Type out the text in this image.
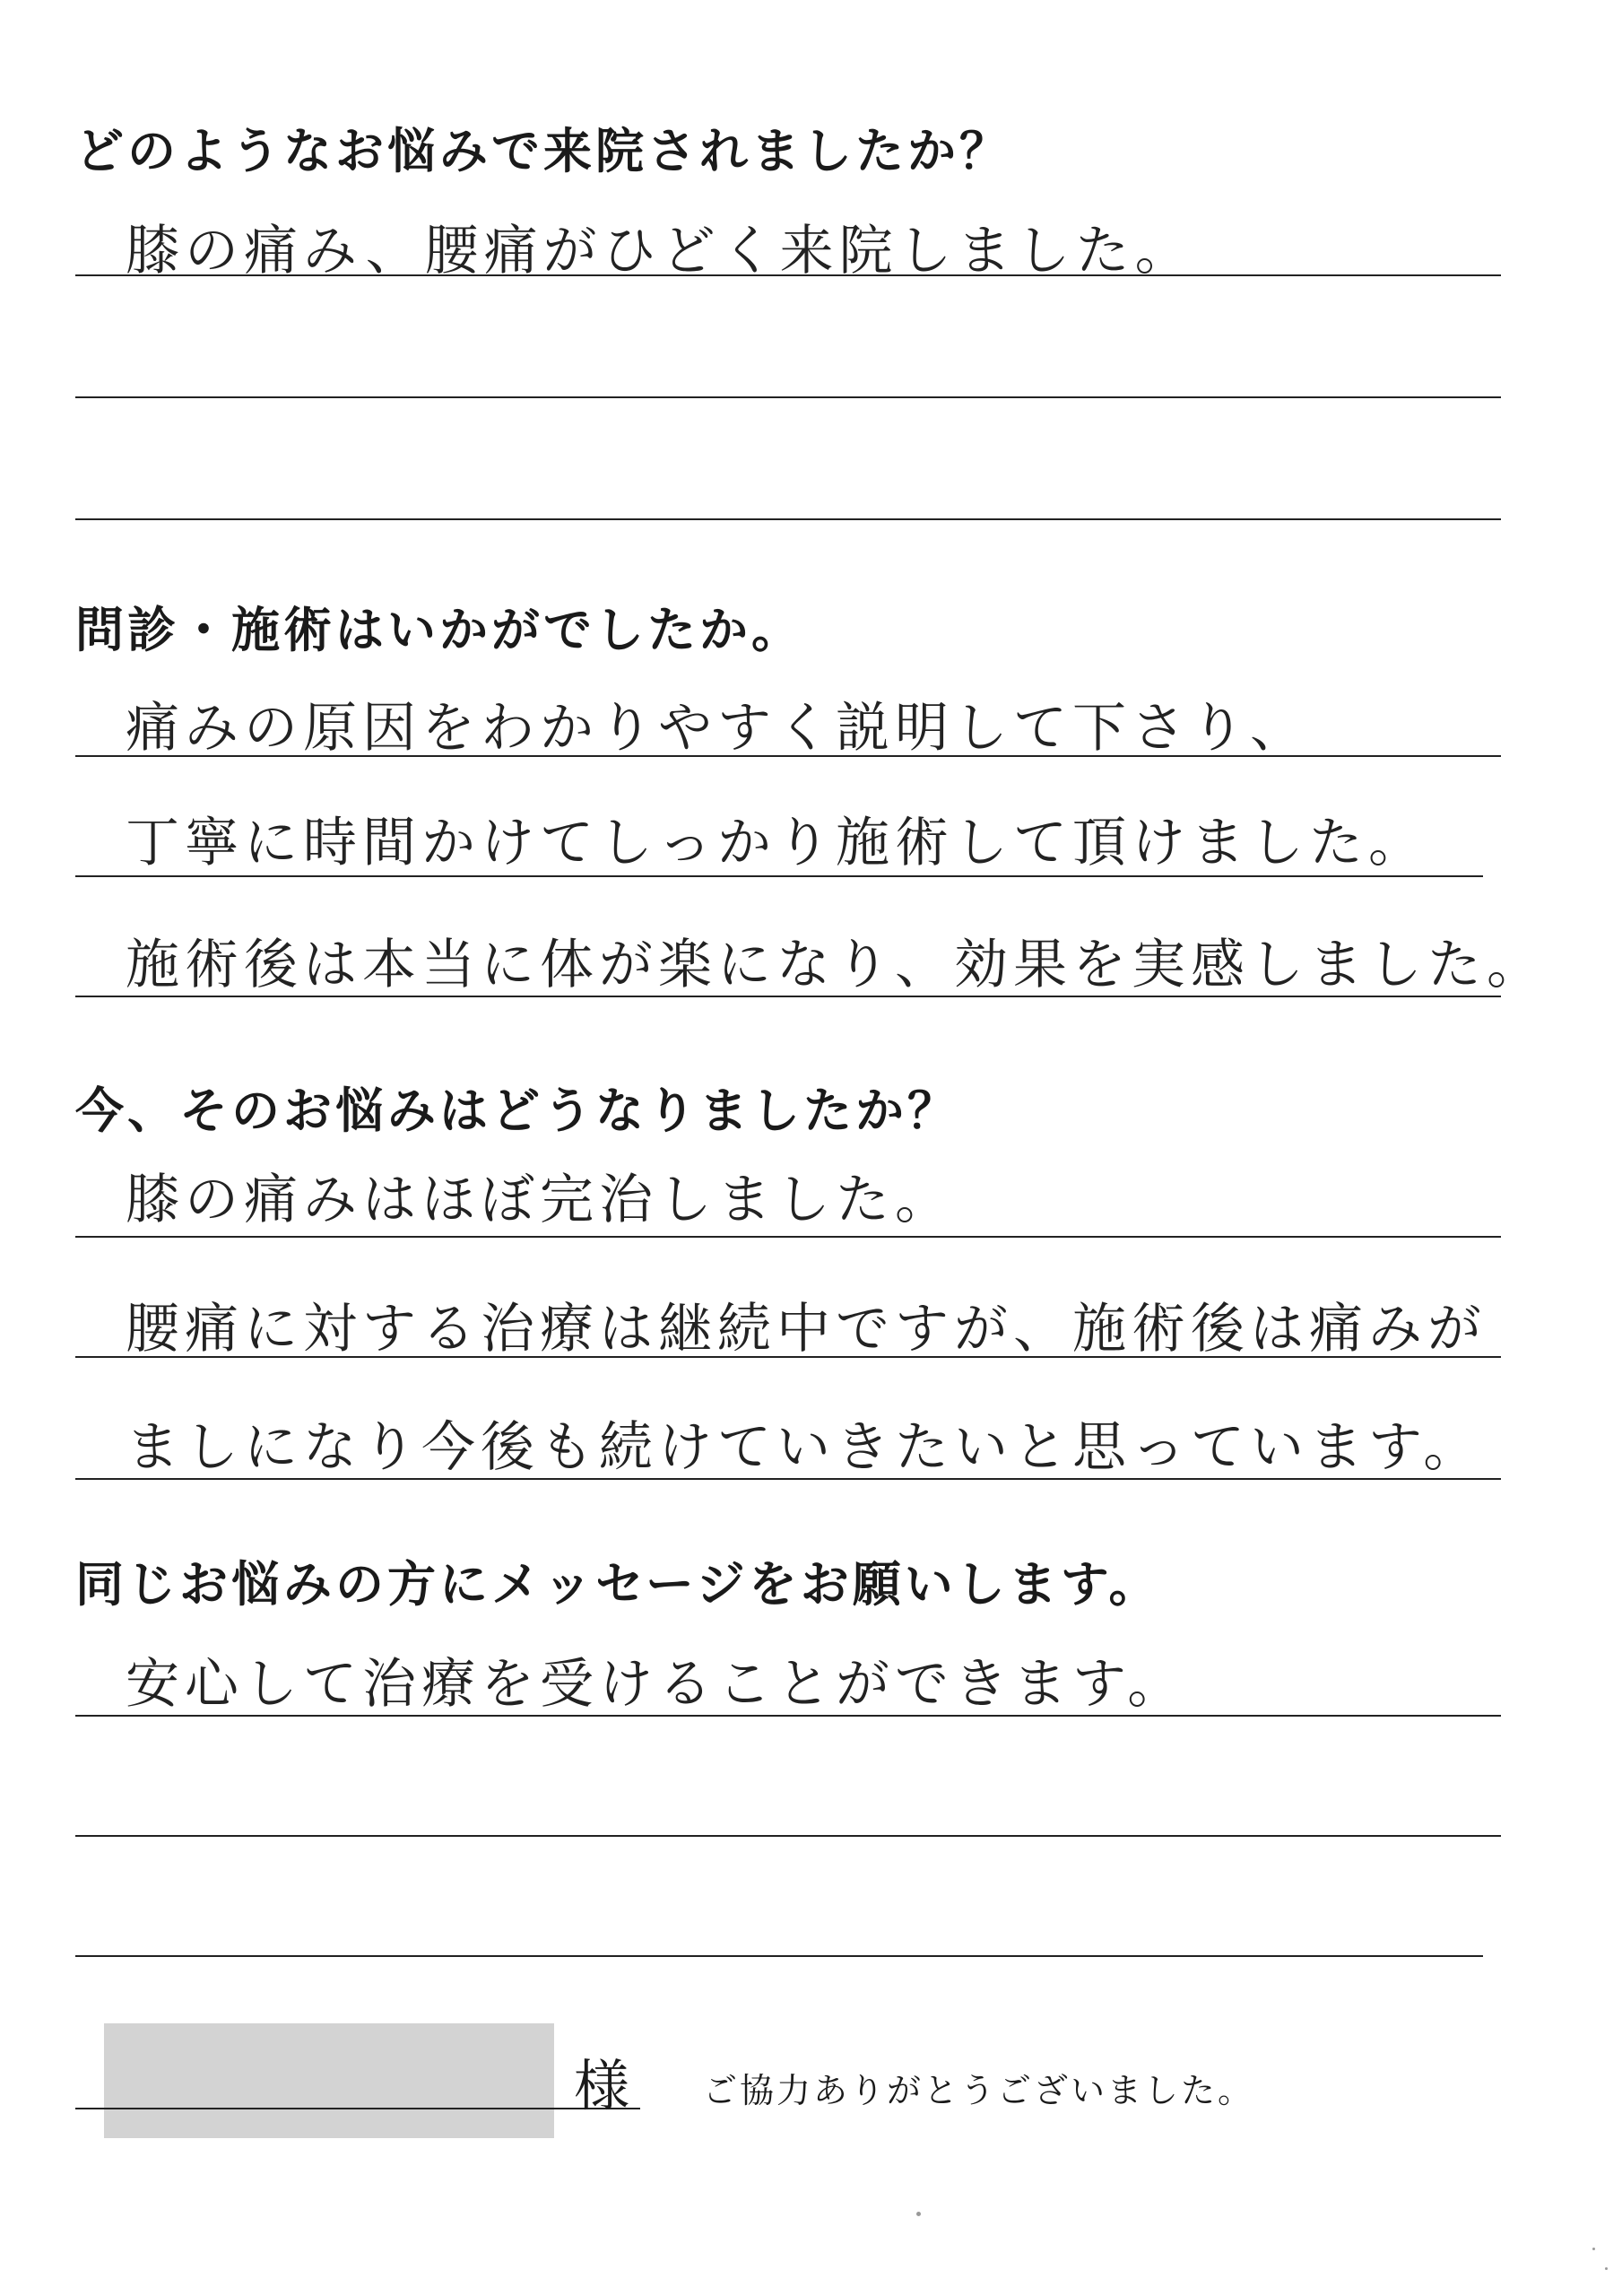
どのようなお悩みで来院されましたか？

膝の痛み、腰痛がひどく来院しました。

問診・施術はいかがでしたか。

痛みの原因をわかりやすく説明して下さり、

丁寧に時間かけてしっかり施術して頂けました。

施術後は本当に体が楽になり、効果を実感しました。

今、そのお悩みはどうなりましたか？

膝の痛みはほぼ完治しました。

腰痛に対する治療は継続中ですが、施術後は痛みが

ましになり今後も続けていきたいと思っています。

同じお悩みの方にメッセージをお願いします。

安心して治療を受けることができます。

様 ご協力ありがとうございました。
